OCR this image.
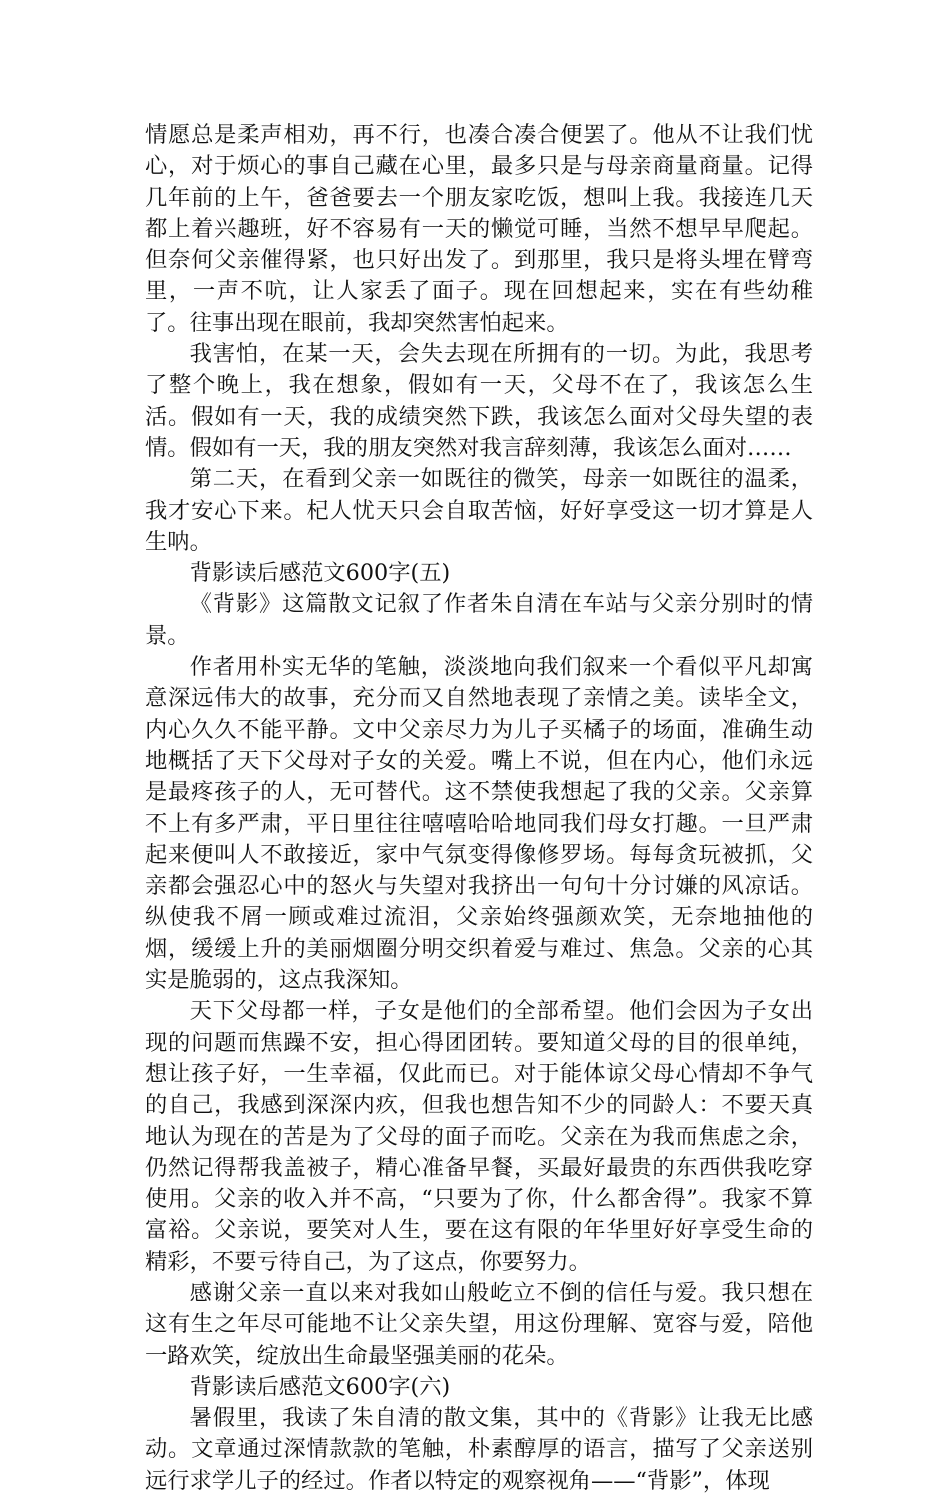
情愿总是柔声相劝，再不行，也凑合凑合便罢了。他从不让我们忧心，对于烦心的事自己藏在心里，最多只是与母亲商量商量。记得几年前的上午，爸爸要去一个朋友家吃饭，想叫上我。我接连几天都上着兴趣班，好不容易有一天的懒觉可睡，当然不想早早爬起。但奈何父亲催得紧，也只好出发了。到那里，我只是将头埋在臂弯里，一声不吭，让人家丢了面子。现在回想起来，实在有些幼稚了。往事出现在眼前，我却突然害怕起来。

我害怕，在某一天，会失去现在所拥有的一切。为此，我思考了整个晚上，我在想象，假如有一天，父母不在了，我该怎么生活。假如有一天，我的成绩突然下跌，我该怎么面对父母失望的表情。假如有一天，我的朋友突然对我言辞刻薄，我该怎么面对……

第二天，在看到父亲一如既往的微笑，母亲一如既往的温柔，我才安心下来。杞人忧天只会自取苦恼，好好享受这一切才算是人生呐。

背影读后感范文600字(五)

《背影》这篇散文记叙了作者朱自清在车站与父亲分别时的情景。

作者用朴实无华的笔触，淡淡地向我们叙来一个看似平凡却寓意深远伟大的故事，充分而又自然地表现了亲情之美。读毕全文，内心久久不能平静。文中父亲尽力为儿子买橘子的场面，准确生动地概括了天下父母对子女的关爱。嘴上不说，但在内心，他们永远是最疼孩子的人，无可替代。这不禁使我想起了我的父亲。父亲算不上有多严肃，平日里往往嘻嘻哈哈地同我们母女打趣。一旦严肃起来便叫人不敢接近，家中气氛变得像修罗场。每每贪玩被抓，父亲都会强忍心中的怒火与失望对我挤出一句句十分讨嫌的风凉话。纵使我不屑一顾或难过流泪，父亲始终强颜欢笑，无奈地抽他的烟，缓缓上升的美丽烟圈分明交织着爱与难过、焦急。父亲的心其实是脆弱的，这点我深知。

天下父母都一样，子女是他们的全部希望。他们会因为子女出现的问题而焦躁不安，担心得团团转。要知道父母的目的很单纯，想让孩子好，一生幸福，仅此而已。对于能体谅父母心情却不争气的自己，我感到深深内疚，但我也想告知不少的同龄人：不要天真地认为现在的苦是为了父母的面子而吃。父亲在为我而焦虑之余，仍然记得帮我盖被子，精心准备早餐，买最好最贵的东西供我吃穿使用。父亲的收入并不高，“只要为了你，什么都舍得”。我家不算富裕。父亲说，要笑对人生，要在这有限的年华里好好享受生命的精彩，不要亏待自己，为了这点，你要努力。

感谢父亲一直以来对我如山般屹立不倒的信任与爱。我只想在这有生之年尽可能地不让父亲失望，用这份理解、宽容与爱，陪他一路欢笑，绽放出生命最坚强美丽的花朵。

背影读后感范文600字(六)

暑假里，我读了朱自清的散文集，其中的《背影》让我无比感动。文章通过深情款款的笔触，朴素醇厚的语言，描写了父亲送别远行求学儿子的经过。作者以特定的观察视角——“背影”，体现
